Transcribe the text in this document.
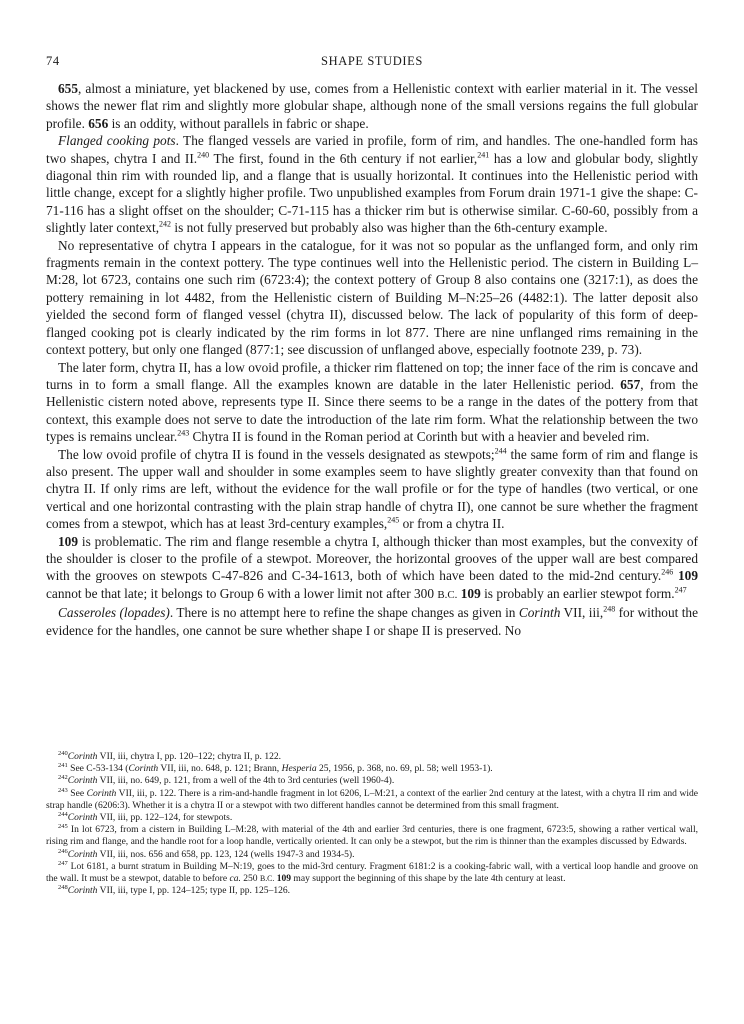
74	SHAPE STUDIES

655, almost a miniature, yet blackened by use, comes from a Hellenistic context with earlier material in it. The vessel shows the newer flat rim and slightly more globular shape, although none of the small versions regains the full globular profile. 656 is an oddity, without parallels in fabric or shape.

Flanged cooking pots. The flanged vessels are varied in profile, form of rim, and handles. The one-handled form has two shapes, chytra I and II.$^{240}$ The first, found in the 6th century if not earlier,$^{241}$ has a low and globular body, slightly diagonal thin rim with rounded lip, and a flange that is usually horizontal. It continues into the Hellenistic period with little change, except for a slightly higher profile. Two unpublished examples from Forum drain 1971-1 give the shape: C-71-116 has a slight offset on the shoulder; C-71-115 has a thicker rim but is otherwise similar. C-60-60, possibly from a slightly later context,$^{242}$ is not fully preserved but probably also was higher than the 6th-century example.

No representative of chytra I appears in the catalogue, for it was not so popular as the unflanged form, and only rim fragments remain in the context pottery. The type continues well into the Hellenistic period. The cistern in Building L–M:28, lot 6723, contains one such rim (6723:4); the context pottery of Group 8 also contains one (3217:1), as does the pottery remaining in lot 4482, from the Hellenistic cistern of Building M–N:25–26 (4482:1). The latter deposit also yielded the second form of flanged vessel (chytra II), discussed below. The lack of popularity of this form of deep-flanged cooking pot is clearly indicated by the rim forms in lot 877. There are nine unflanged rims remaining in the context pottery, but only one flanged (877:1; see discussion of unflanged above, especially footnote 239, p. 73).

The later form, chytra II, has a low ovoid profile, a thicker rim flattened on top; the inner face of the rim is concave and turns in to form a small flange. All the examples known are datable in the later Hellenistic period. 657, from the Hellenistic cistern noted above, represents type II. Since there seems to be a range in the dates of the pottery from that context, this example does not serve to date the introduction of the late rim form. What the relationship between the two types is remains unclear.$^{243}$ Chytra II is found in the Roman period at Corinth but with a heavier and beveled rim.

The low ovoid profile of chytra II is found in the vessels designated as stewpots;$^{244}$ the same form of rim and flange is also present. The upper wall and shoulder in some examples seem to have slightly greater convexity than that found on chytra II. If only rims are left, without the evidence for the wall profile or for the type of handles (two vertical, or one vertical and one horizontal contrasting with the plain strap handle of chytra II), one cannot be sure whether the fragment comes from a stewpot, which has at least 3rd-century examples,$^{245}$ or from a chytra II.

109 is problematic. The rim and flange resemble a chytra I, although thicker than most examples, but the convexity of the shoulder is closer to the profile of a stewpot. Moreover, the horizontal grooves of the upper wall are best compared with the grooves on stewpots C-47-826 and C-34-1613, both of which have been dated to the mid-2nd century.$^{246}$ 109 cannot be that late; it belongs to Group 6 with a lower limit not after 300 B.C. 109 is probably an earlier stewpot form.$^{247}$

Casseroles (lopades). There is no attempt here to refine the shape changes as given in Corinth VII, iii,$^{248}$ for without the evidence for the handles, one cannot be sure whether shape I or shape II is preserved. No

$^{240}$Corinth VII, iii, chytra I, pp. 120–122; chytra II, p. 122.

$^{241}$ See C-53-134 (Corinth VII, iii, no. 648, p. 121; Brann, Hesperia 25, 1956, p. 368, no. 69, pl. 58; well 1953-1).

$^{242}$Corinth VII, iii, no. 649, p. 121, from a well of the 4th to 3rd centuries (well 1960-4).

$^{243}$ See Corinth VII, iii, p. 122. There is a rim-and-handle fragment in lot 6206, L–M:21, a context of the earlier 2nd century at the latest, with a chytra II rim and wide strap handle (6206:3). Whether it is a chytra II or a stewpot with two different handles cannot be determined from this small fragment.

$^{244}$Corinth VII, iii, pp. 122–124, for stewpots.

$^{245}$ In lot 6723, from a cistern in Building L–M:28, with material of the 4th and earlier 3rd centuries, there is one fragment, 6723:5, showing a rather vertical wall, rising rim and flange, and the handle root for a loop handle, vertically oriented. It can only be a stewpot, but the rim is thinner than the examples discussed by Edwards.

$^{246}$Corinth VII, iii, nos. 656 and 658, pp. 123, 124 (wells 1947-3 and 1934-5).

$^{247}$ Lot 6181, a burnt stratum in Building M–N:19, goes to the mid-3rd century. Fragment 6181:2 is a cooking-fabric wall, with a vertical loop handle and groove on the wall. It must be a stewpot, datable to before ca. 250 B.C. 109 may support the beginning of this shape by the late 4th century at least.

$^{248}$Corinth VII, iii, type I, pp. 124–125; type II, pp. 125–126.
